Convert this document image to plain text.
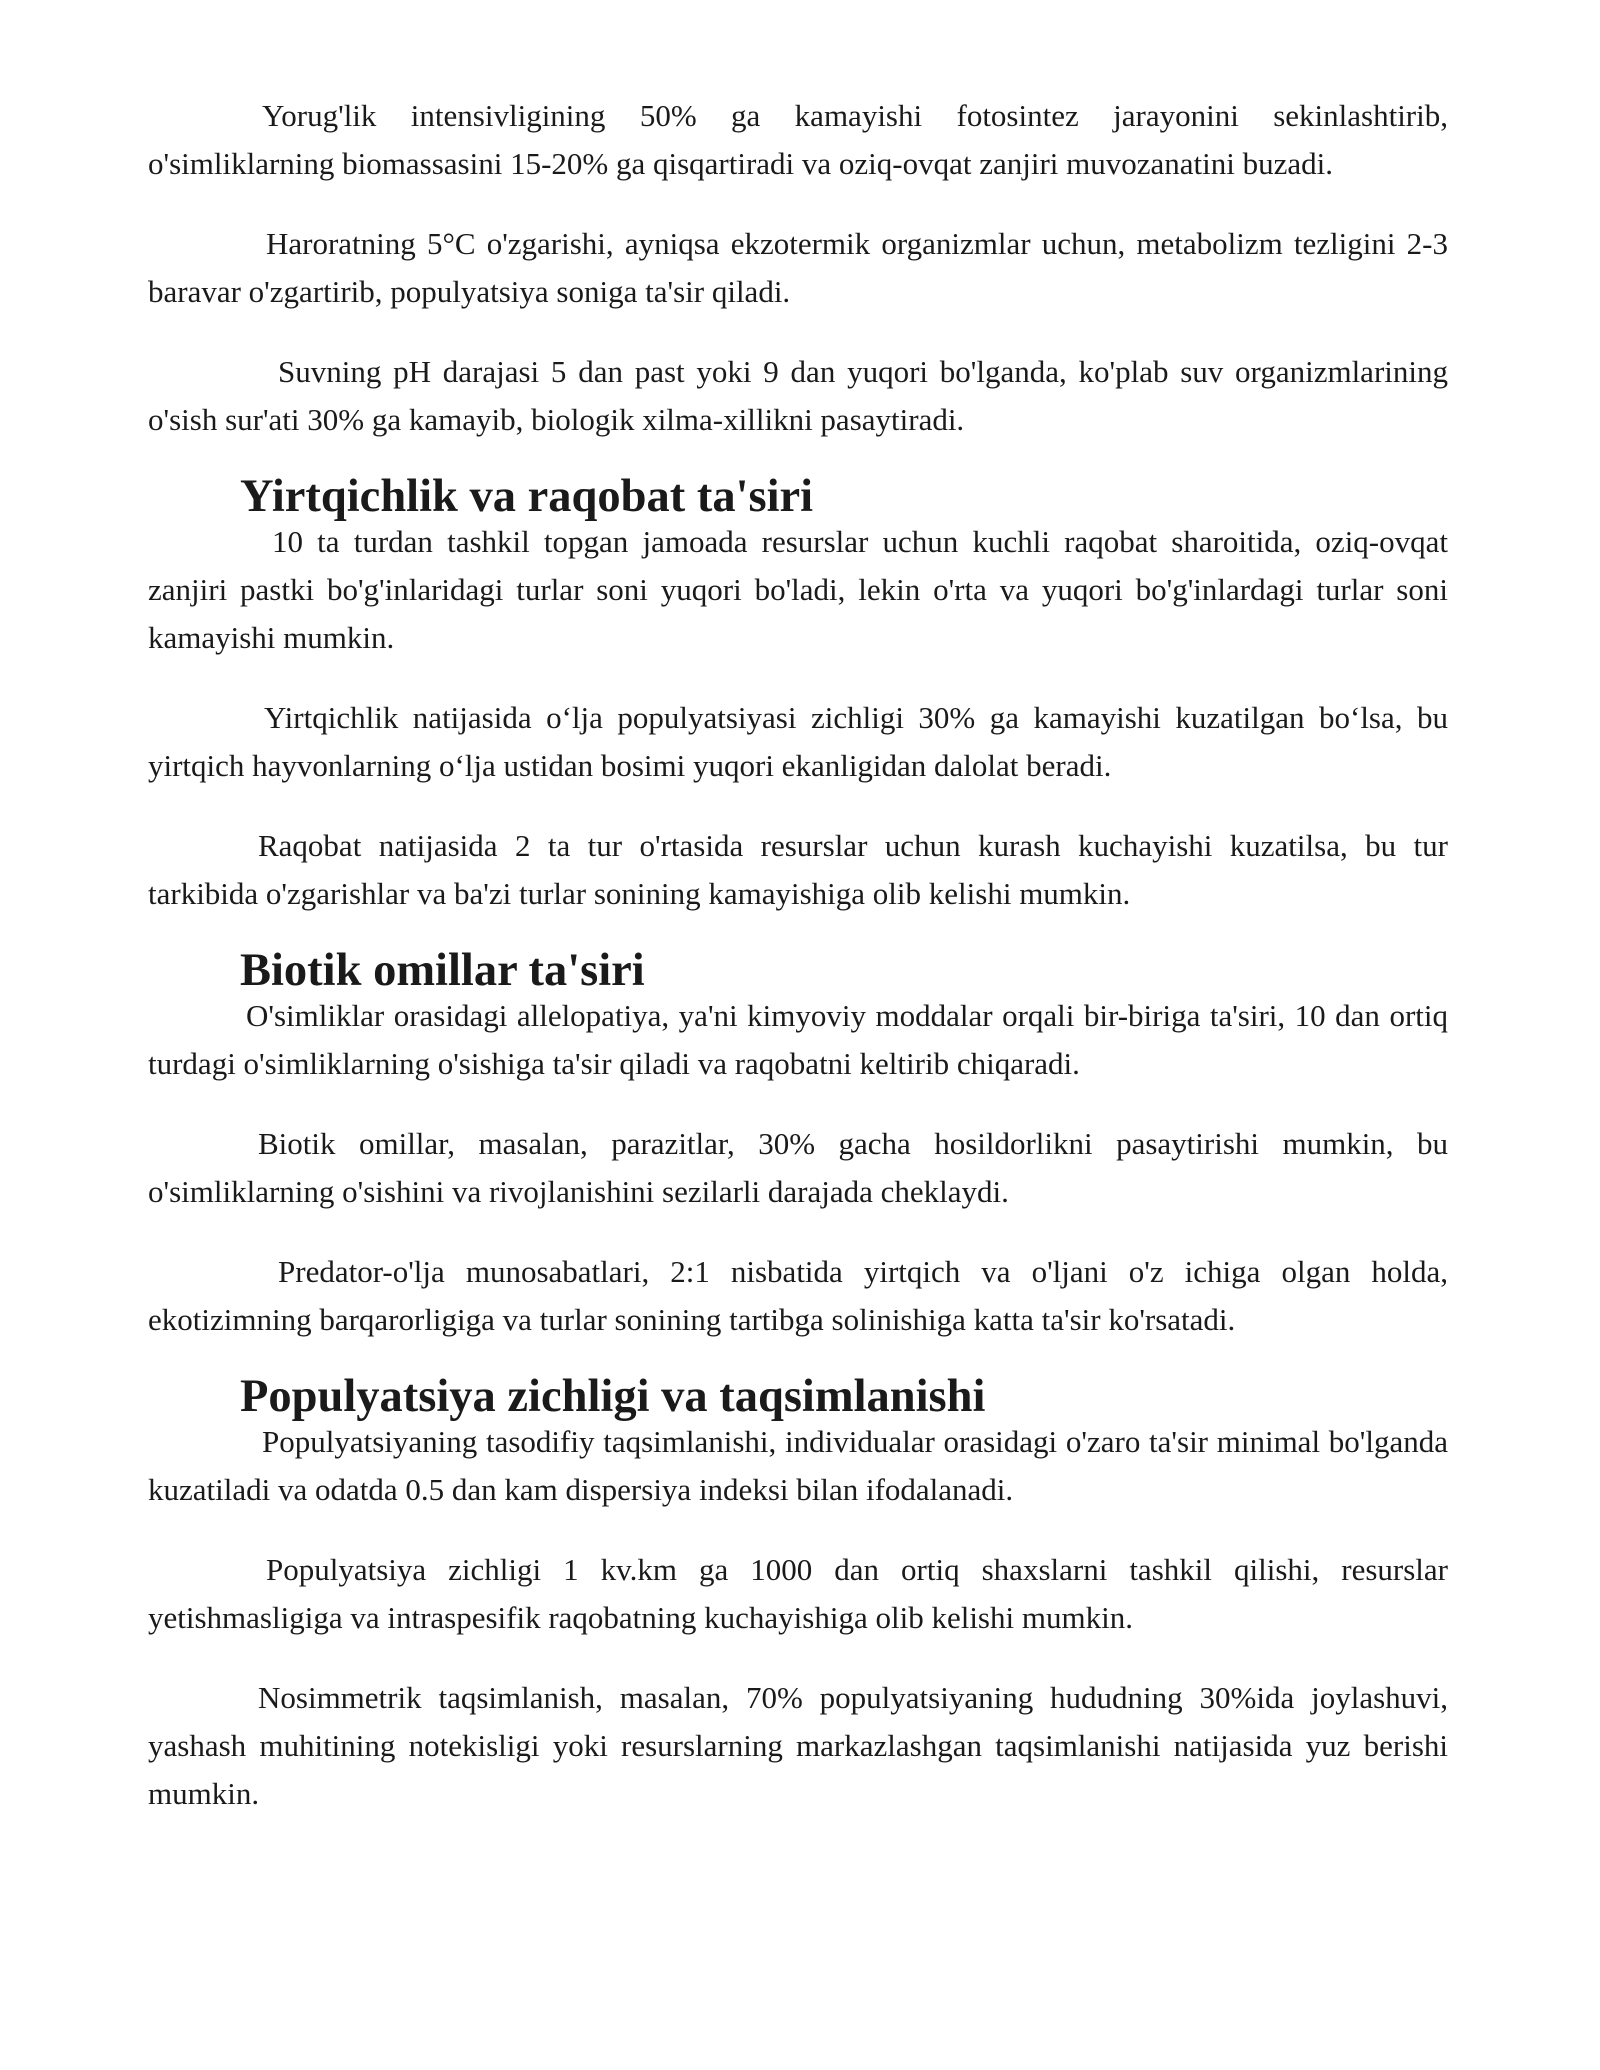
Yorug'lik intensivligining 50% ga kamayishi fotosintez jarayonini sekinlashtirib, o'simliklarning biomassasini 15-20% ga qisqartiradi va oziq-ovqat zanjiri muvozanatini buzadi.

Haroratning 5°C o'zgarishi, ayniqsa ekzotermik organizmlar uchun, metabolizm tezligini 2-3 baravar o'zgartirib, populyatsiya soniga ta'sir qiladi.

Suvning pH darajasi 5 dan past yoki 9 dan yuqori bo'lganda, ko'plab suv organizmlarining o'sish sur'ati 30% ga kamayib, biologik xilma-xillikni pasaytiradi.

Yirtqichlik va raqobat ta'siri

10 ta turdan tashkil topgan jamoada resurslar uchun kuchli raqobat sharoitida, oziq-ovqat zanjiri pastki bo'g'inlaridagi turlar soni yuqori bo'ladi, lekin o'rta va yuqori bo'g'inlardagi turlar soni kamayishi mumkin.

Yirtqichlik natijasida o‘lja populyatsiyasi zichligi 30% ga kamayishi kuzatilgan bo‘lsa, bu yirtqich hayvonlarning o‘lja ustidan bosimi yuqori ekanligidan dalolat beradi.

Raqobat natijasida 2 ta tur o'rtasida resurslar uchun kurash kuchayishi kuzatilsa, bu tur tarkibida o'zgarishlar va ba'zi turlar sonining kamayishiga olib kelishi mumkin.

Biotik omillar ta'siri

O'simliklar orasidagi allelopatiya, ya'ni kimyoviy moddalar orqali bir-biriga ta'siri, 10 dan ortiq turdagi o'simliklarning o'sishiga ta'sir qiladi va raqobatni keltirib chiqaradi.

Biotik omillar, masalan, parazitlar, 30% gacha hosildorlikni pasaytirishi mumkin, bu o'simliklarning o'sishini va rivojlanishini sezilarli darajada cheklaydi.

Predator-o'lja munosabatlari, 2:1 nisbatida yirtqich va o'ljani o'z ichiga olgan holda, ekotizimning barqarorligiga va turlar sonining tartibga solinishiga katta ta'sir ko'rsatadi.

Populyatsiya zichligi va taqsimlanishi

Populyatsiyaning tasodifiy taqsimlanishi, individualar orasidagi o'zaro ta'sir minimal bo'lganda kuzatiladi va odatda 0.5 dan kam dispersiya indeksi bilan ifodalanadi.

Populyatsiya zichligi 1 kv.km ga 1000 dan ortiq shaxslarni tashkil qilishi, resurslar yetishmasligiga va intraspesifik raqobatning kuchayishiga olib kelishi mumkin.

Nosimmetrik taqsimlanish, masalan, 70% populyatsiyaning hududning 30%ida joylashuvi, yashash muhitining notekisligi yoki resurslarning markazlashgan taqsimlanishi natijasida yuz berishi mumkin.
